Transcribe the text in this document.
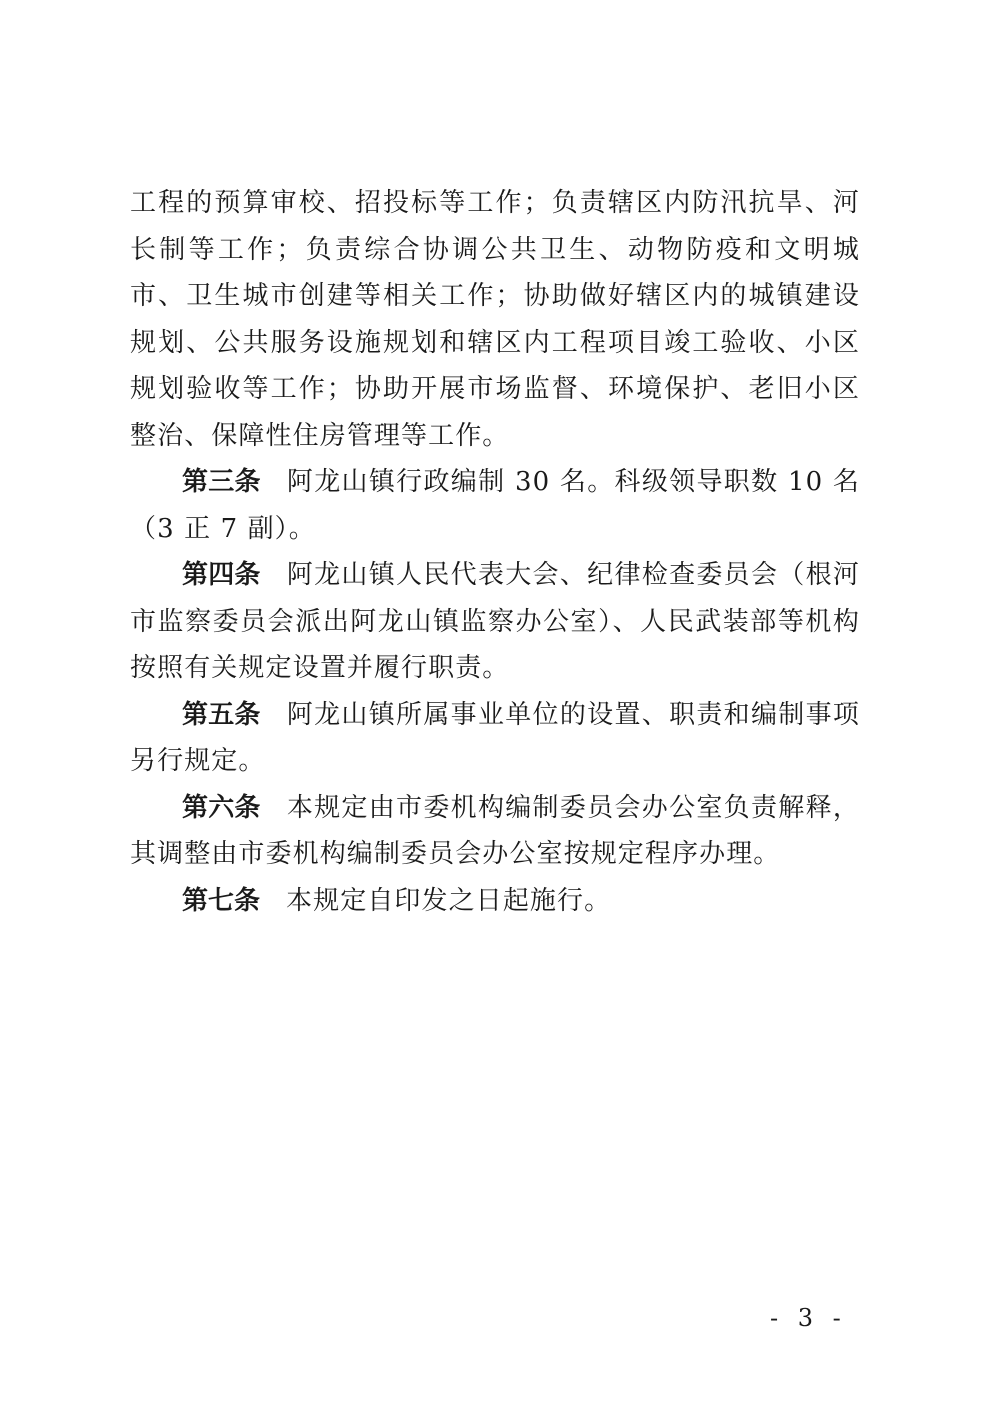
工程的预算审校、招投标等工作；负责辖区内防汛抗旱、河长制等工作；负责综合协调公共卫生、动物防疫和文明城市、卫生城市创建等相关工作；协助做好辖区内的城镇建设规划、公共服务设施规划和辖区内工程项目竣工验收、小区规划验收等工作；协助开展市场监督、环境保护、老旧小区整治、保障性住房管理等工作。

第三条 阿龙山镇行政编制 30 名。科级领导职数 10 名（3 正 7 副）。

第四条 阿龙山镇人民代表大会、纪律检查委员会（根河市监察委员会派出阿龙山镇监察办公室）、人民武装部等机构按照有关规定设置并履行职责。

第五条 阿龙山镇所属事业单位的设置、职责和编制事项另行规定。

第六条 本规定由市委机构编制委员会办公室负责解释，其调整由市委机构编制委员会办公室按规定程序办理。

第七条 本规定自印发之日起施行。

- 3 -
